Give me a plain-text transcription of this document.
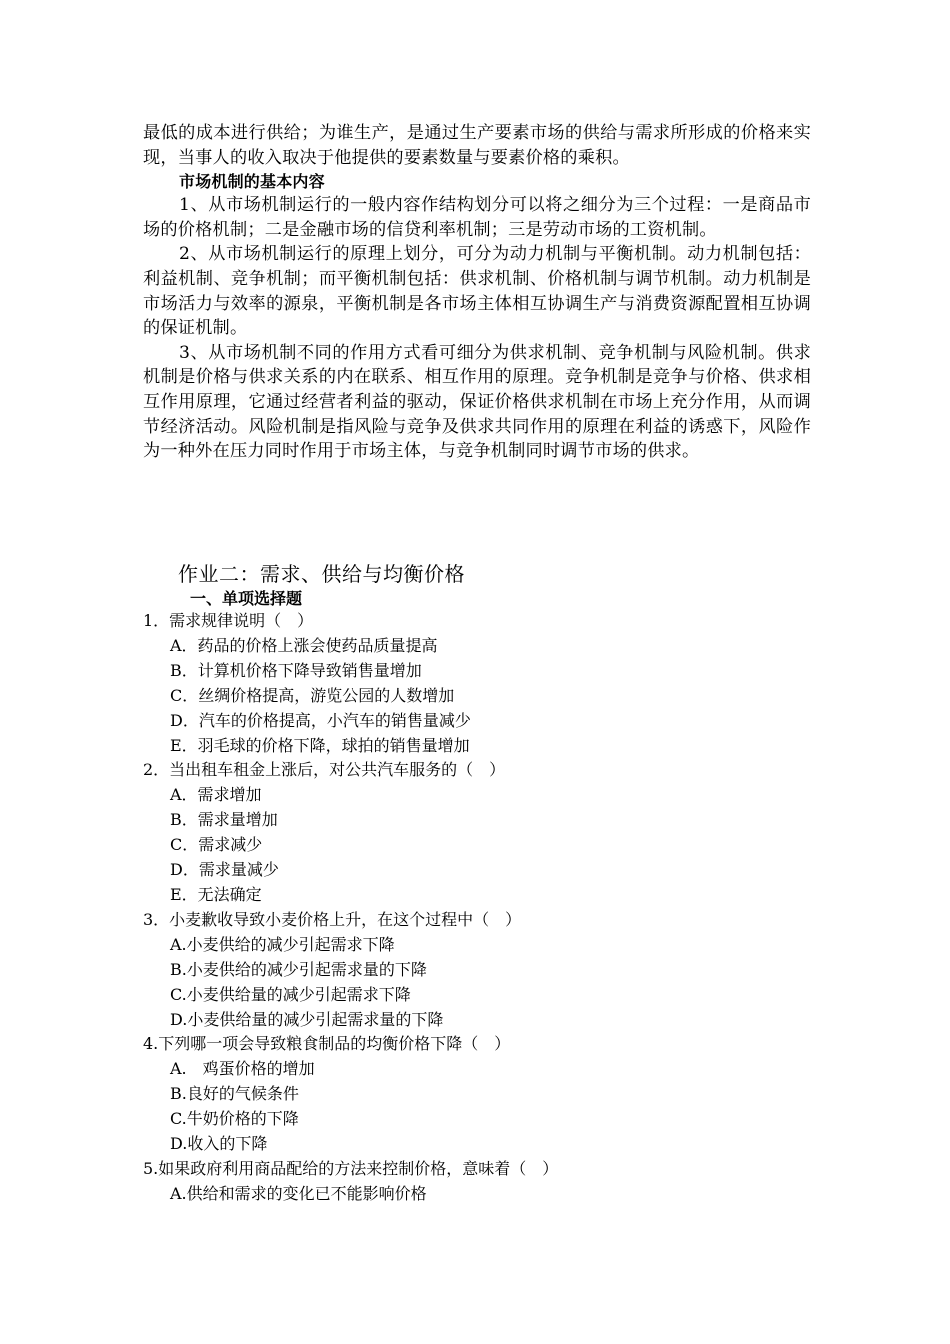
最低的成本进行供给；为谁生产，是通过生产要素市场的供给与需求所形成的价格来实现，当事人的收入取决于他提供的要素数量与要素价格的乘积。

市场机制的基本内容

1、从市场机制运行的一般内容作结构划分可以将之细分为三个过程：一是商品市场的价格机制；二是金融市场的信贷利率机制；三是劳动市场的工资机制。

2、从市场机制运行的原理上划分，可分为动力机制与平衡机制。动力机制包括：利益机制、竞争机制；而平衡机制包括：供求机制、价格机制与调节机制。动力机制是市场活力与效率的源泉，平衡机制是各市场主体相互协调生产与消费资源配置相互协调的保证机制。

3、从市场机制不同的作用方式看可细分为供求机制、竞争机制与风险机制。供求机制是价格与供求关系的内在联系、相互作用的原理。竞争机制是竞争与价格、供求相互作用原理，它通过经营者利益的驱动，保证价格供求机制在市场上充分作用，从而调节经济活动。风险机制是指风险与竞争及供求共同作用的原理在利益的诱惑下，风险作为一种外在压力同时作用于市场主体，与竞争机制同时调节市场的供求。

作业二：需求、供给与均衡价格
一、单项选择题

1．需求规律说明（　）

A．药品的价格上涨会使药品质量提高

B．计算机价格下降导致销售量增加

C．丝绸价格提高，游览公园的人数增加

D．汽车的价格提高，小汽车的销售量减少

E．羽毛球的价格下降，球拍的销售量增加

2．当出租车租金上涨后，对公共汽车服务的（　）

A．需求增加

B．需求量增加

C．需求减少

D．需求量减少

E．无法确定

3．小麦歉收导致小麦价格上升，在这个过程中（　）

A.小麦供给的减少引起需求下降

B.小麦供给的减少引起需求量的下降

C.小麦供给量的减少引起需求下降

D.小麦供给量的减少引起需求量的下降

4.下列哪一项会导致粮食制品的均衡价格下降（　）

A.　鸡蛋价格的增加

B.良好的气候条件

C.牛奶价格的下降

D.收入的下降

5.如果政府利用商品配给的方法来控制价格，意味着（　）

A.供给和需求的变化已不能影响价格
